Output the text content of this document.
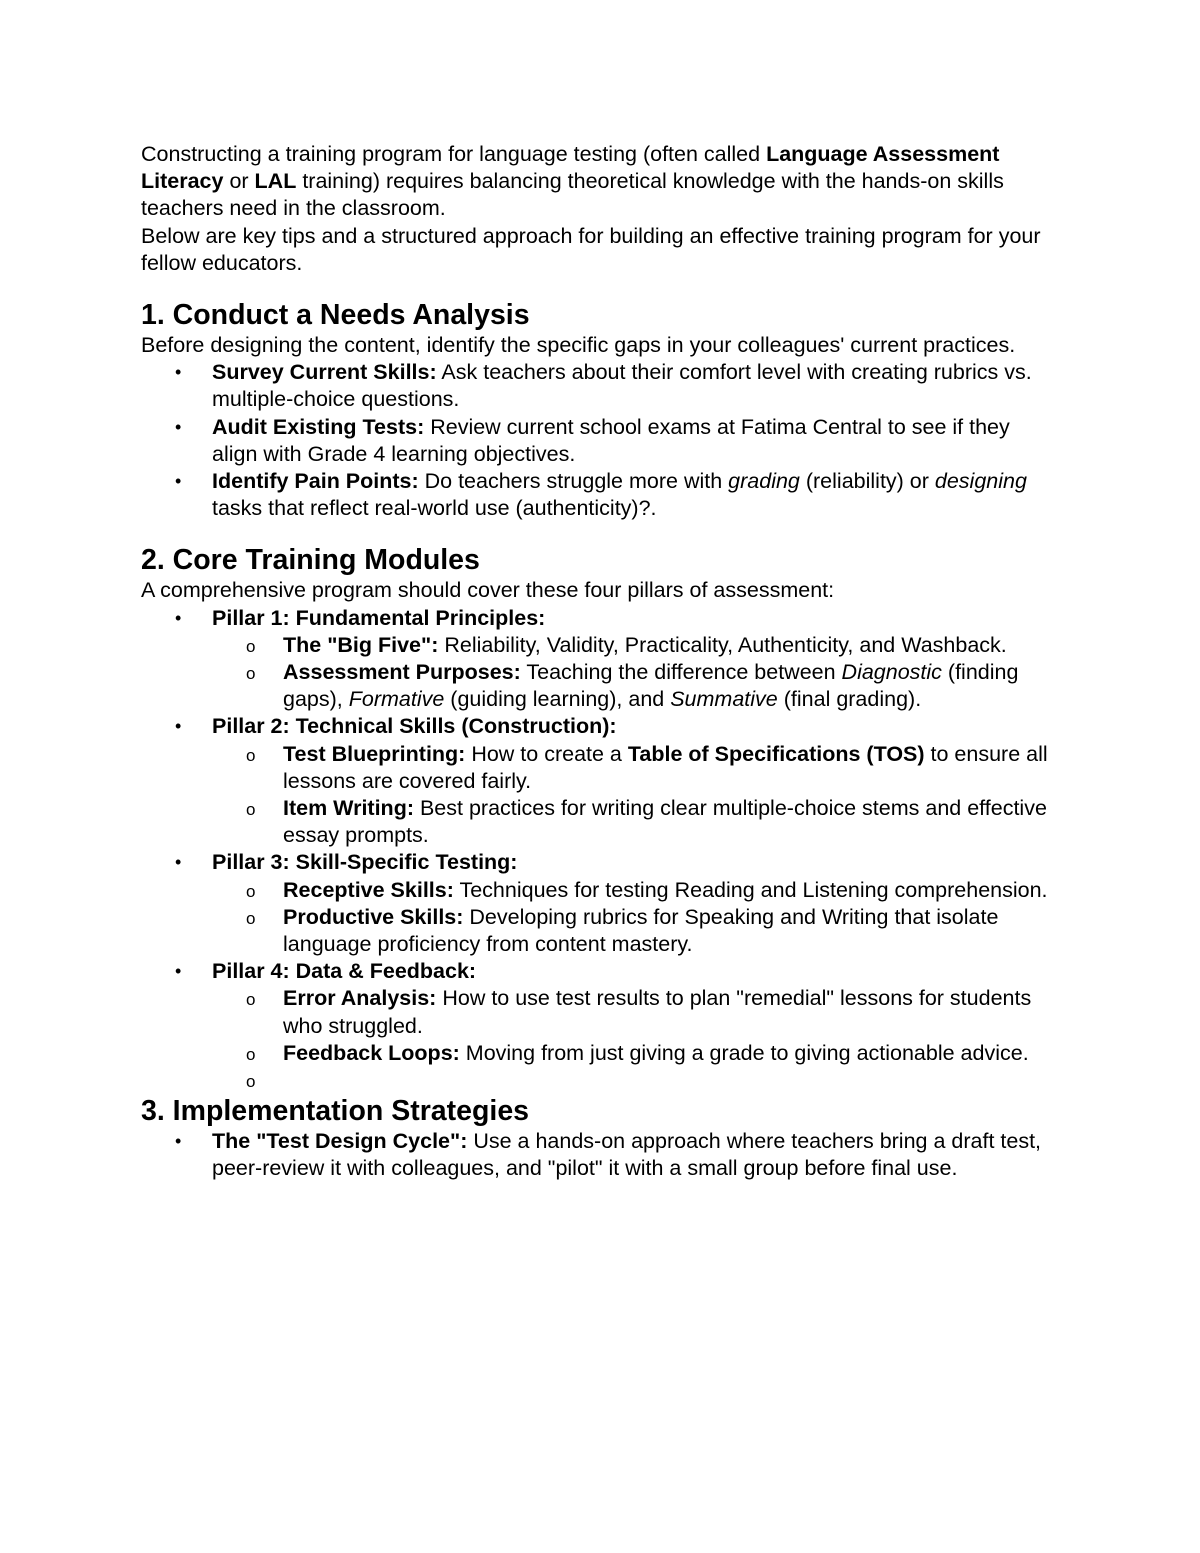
Constructing a training program for language testing (often called Language Assessment Literacy or LAL training) requires balancing theoretical knowledge with the hands-on skills teachers need in the classroom.

Below are key tips and a structured approach for building an effective training program for your fellow educators.

1. Conduct a Needs Analysis

Before designing the content, identify the specific gaps in your colleagues' current practices.

• Survey Current Skills: Ask teachers about their comfort level with creating rubrics vs. multiple-choice questions.
• Audit Existing Tests: Review current school exams at Fatima Central to see if they align with Grade 4 learning objectives.
• Identify Pain Points: Do teachers struggle more with grading (reliability) or designing tasks that reflect real-world use (authenticity)?.
2. Core Training Modules

A comprehensive program should cover these four pillars of assessment:

• Pillar 1: Fundamental Principles:
o The "Big Five": Reliability, Validity, Practicality, Authenticity, and Washback.
o Assessment Purposes: Teaching the difference between Diagnostic (finding gaps), Formative (guiding learning), and Summative (final grading).
• Pillar 2: Technical Skills (Construction):
o Test Blueprinting: How to create a Table of Specifications (TOS) to ensure all lessons are covered fairly.
o Item Writing: Best practices for writing clear multiple-choice stems and effective essay prompts.
• Pillar 3: Skill-Specific Testing:
o Receptive Skills: Techniques for testing Reading and Listening comprehension.
o Productive Skills: Developing rubrics for Speaking and Writing that isolate language proficiency from content mastery.
• Pillar 4: Data & Feedback:
o Error Analysis: How to use test results to plan "remedial" lessons for students who struggled.
o Feedback Loops: Moving from just giving a grade to giving actionable advice.
o
3. Implementation Strategies
• The "Test Design Cycle": Use a hands-on approach where teachers bring a draft test, peer-review it with colleagues, and "pilot" it with a small group before final use.
